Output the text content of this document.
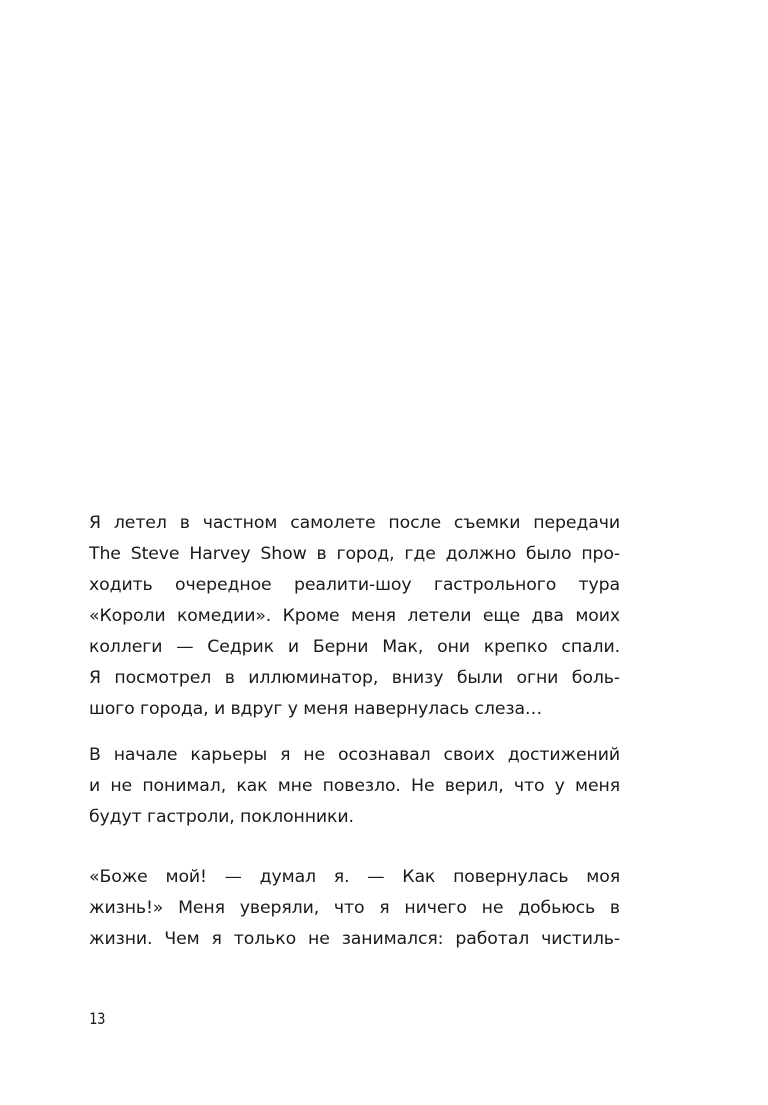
Я летел в частном самолете после съемки передачи
The Steve Harvey Show в город, где должно было про-
ходить очередное реалити-шоу гастрольного тура
«Короли комедии». Кроме меня летели еще два моих
коллеги — Седрик и Берни Мак, они крепко спали.
Я посмотрел в иллюминатор, внизу были огни боль-
шого города, и вдруг у меня навернулась слеза…
В начале карьеры я не осознавал своих достижений
и не понимал, как мне повезло. Не верил, что у меня
будут гастроли, поклонники.
«Боже мой! — думал я. — Как повернулась моя
жизнь!» Меня уверяли, что я ничего не добьюсь в
жизни. Чем я только не занимался: работал чистиль-
13
